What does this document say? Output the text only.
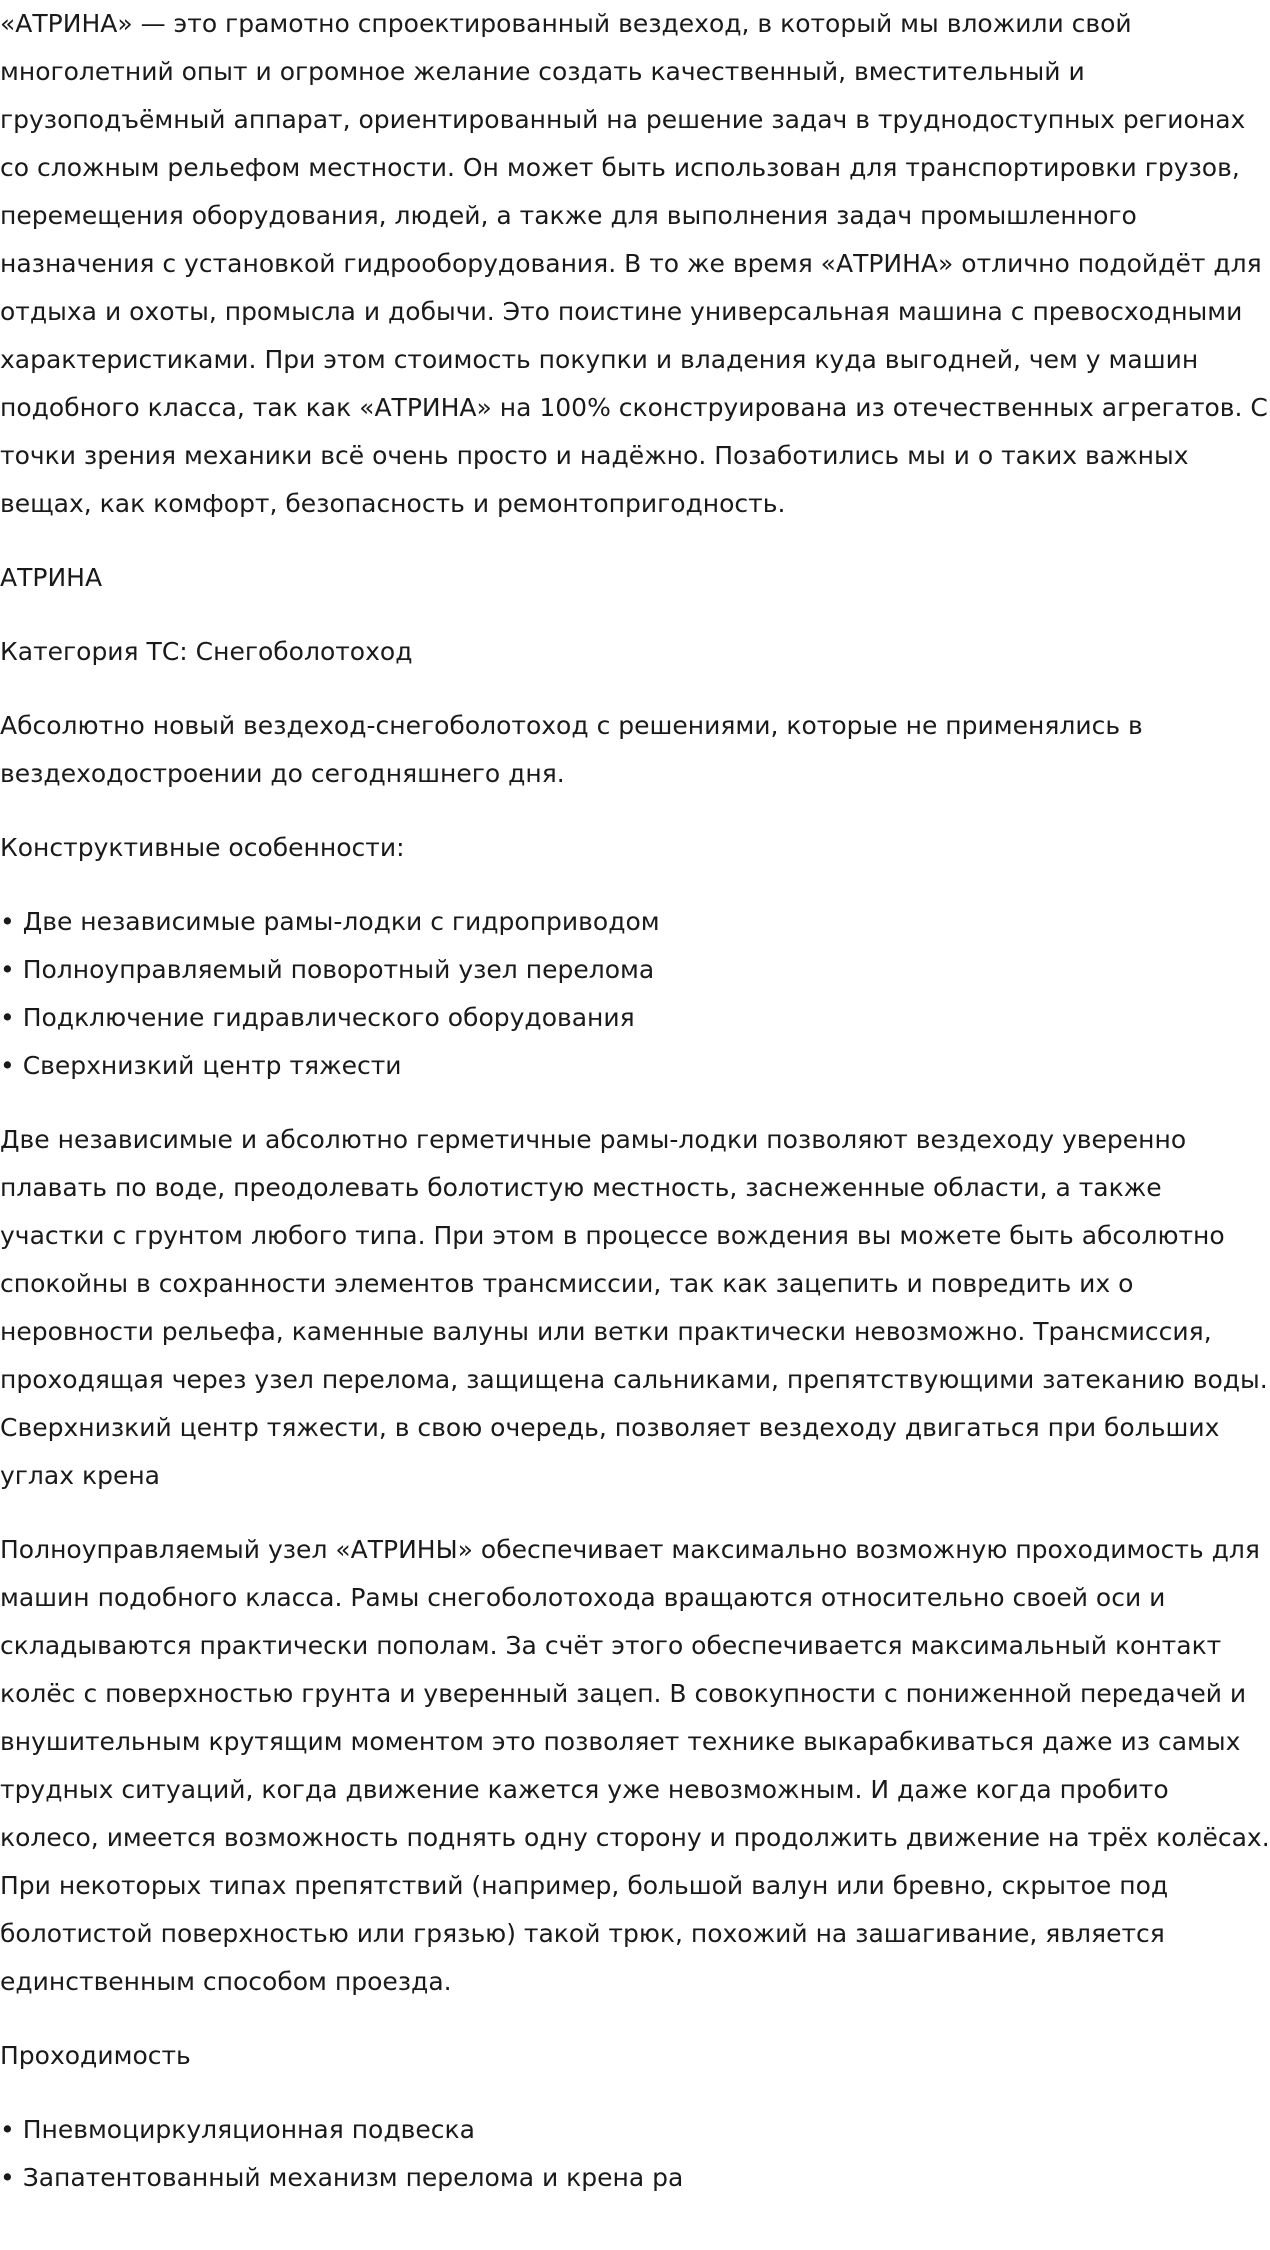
«АТРИНА» — это грамотно спроектированный вездеход, в который мы вложили свой многолетний опыт и огромное желание создать качественный, вместительный и грузоподъёмный аппарат, ориентированный на решение задач в труднодоступных регионах со сложным рельефом местности. Он может быть использован для транспортировки грузов, перемещения оборудования, людей, а также для выполнения задач промышленного назначения с установкой гидрооборудования. В то же время «АТРИНА» отлично подойдёт для отдыха и охоты, промысла и добычи. Это поистине универсальная машина с превосходными характеристиками. При этом стоимость покупки и владения куда выгодней, чем у машин подобного класса, так как «АТРИНА» на 100% сконструирована из отечественных агрегатов. С точки зрения механики всё очень просто и надёжно. Позаботились мы и о таких важных вещах, как комфорт, безопасность и ремонтопригодность.

АТРИНА

Категория ТС: Снегоболотоход

Абсолютно новый вездеход-снегоболотоход с решениями, которые не применялись в вездеходостроении до сегодняшнего дня.

Конструктивные особенности:

• Две независимые рамы-лодки с гидроприводом
• Полноуправляемый поворотный узел перелома
• Подключение гидравлического оборудования
• Сверхнизкий центр тяжести

Две независимые и абсолютно герметичные рамы-лодки позволяют вездеходу уверенно плавать по воде, преодолевать болотистую местность, заснеженные области, а также участки с грунтом любого типа. При этом в процессе вождения вы можете быть абсолютно спокойны в сохранности элементов трансмиссии, так как зацепить и повредить их о неровности рельефа, каменные валуны или ветки практически невозможно. Трансмиссия, проходящая через узел перелома, защищена сальниками, препятствующими затеканию воды. Сверхнизкий центр тяжести, в свою очередь, позволяет вездеходу двигаться при больших углах крена

Полноуправляемый узел «АТРИНЫ» обеспечивает максимально возможную проходимость для машин подобного класса. Рамы снегоболотохода вращаются относительно своей оси и складываются практически пополам. За счёт этого обеспечивается максимальный контакт колёс с поверхностью грунта и уверенный зацеп. В совокупности с пониженной передачей и внушительным крутящим моментом это позволяет технике выкарабкиваться даже из самых трудных ситуаций, когда движение кажется уже невозможным. И даже когда пробито колесо, имеется возможность поднять одну сторону и продолжить движение на трёх колёсах. При некоторых типах препятствий (например, большой валун или бревно, скрытое под болотистой поверхностью или грязью) такой трюк, похожий на зашагивание, является единственным способом проезда.

Проходимость

• Пневмоциркуляционная подвеска
• Запатентованный механизм перелома и крена ра
